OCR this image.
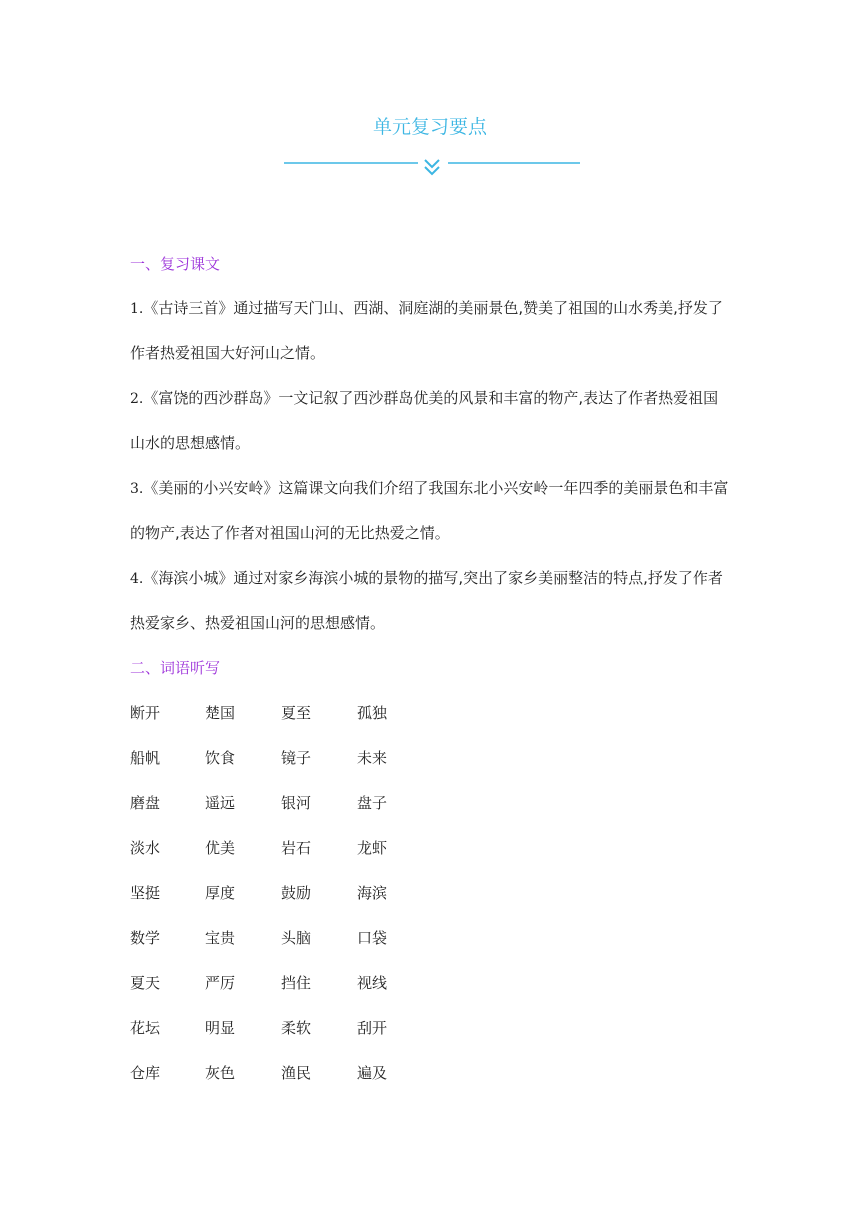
单元复习要点
一、复习课文
1.《古诗三首》通过描写天门山、西湖、洞庭湖的美丽景色,赞美了祖国的山水秀美,抒发了
作者热爱祖国大好河山之情。
2.《富饶的西沙群岛》一文记叙了西沙群岛优美的风景和丰富的物产,表达了作者热爱祖国
山水的思想感情。
3.《美丽的小兴安岭》这篇课文向我们介绍了我国东北小兴安岭一年四季的美丽景色和丰富
的物产,表达了作者对祖国山河的无比热爱之情。
4.《海滨小城》通过对家乡海滨小城的景物的描写,突出了家乡美丽整洁的特点,抒发了作者
热爱家乡、热爱祖国山河的思想感情。
二、词语听写
断开	楚国	夏至	孤独
船帆	饮食	镜子	未来
磨盘	遥远	银河	盘子
淡水	优美	岩石	龙虾
坚挺	厚度	鼓励	海滨
数学	宝贵	头脑	口袋
夏天	严厉	挡住	视线
花坛	明显	柔软	刮开
仓库	灰色	渔民	遍及
